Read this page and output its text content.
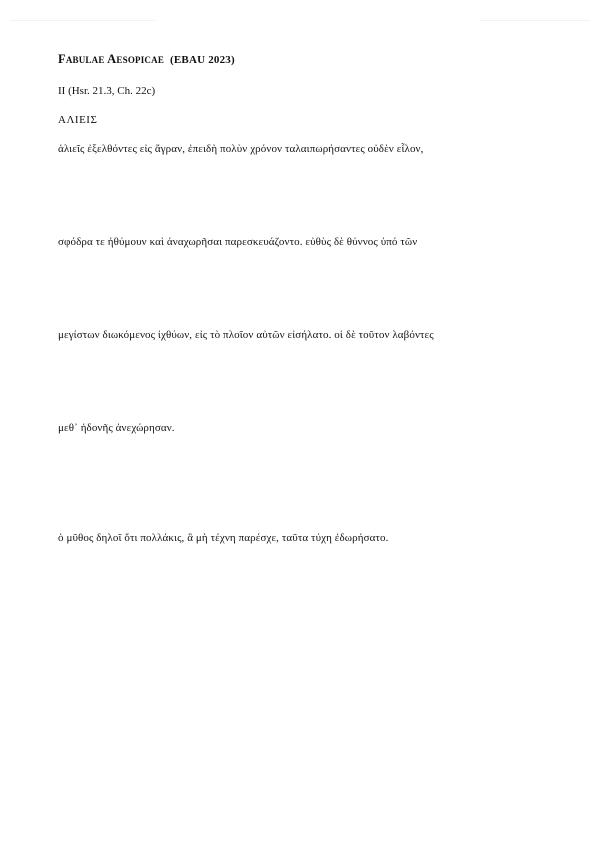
Fabulae Aesopicae (EBAU 2023)
II (Hsr. 21.3, Ch. 22c)
ΑΛΙΕΙΣ
ἁλιεῖς ἐξελθόντες εἰς ἄγραν, ἐπειδὴ πολὺν χρόνον ταλαιπωρήσαντες οὐδὲν εἷλον,
σφόδρα τε ἠθύμουν καὶ ἀναχωρῆσαι παρεσκευάζοντο. εὐθὺς δὲ θύννος ὑπό τῶν
μεγίστων διωκόμενος ἰχθύων, εἰς τὸ πλοῖον αὐτῶν εἰσήλατο. οἱ δὲ τοῦτον λαβόντες
μεθ᾽ ἡδονῆς ἀνεχώρησαν.
ὁ μῦθος δηλοῖ ὅτι πολλάκις, ἃ μὴ τέχνη παρέσχε, ταῦτα τύχη ἐδωρήσατο.
